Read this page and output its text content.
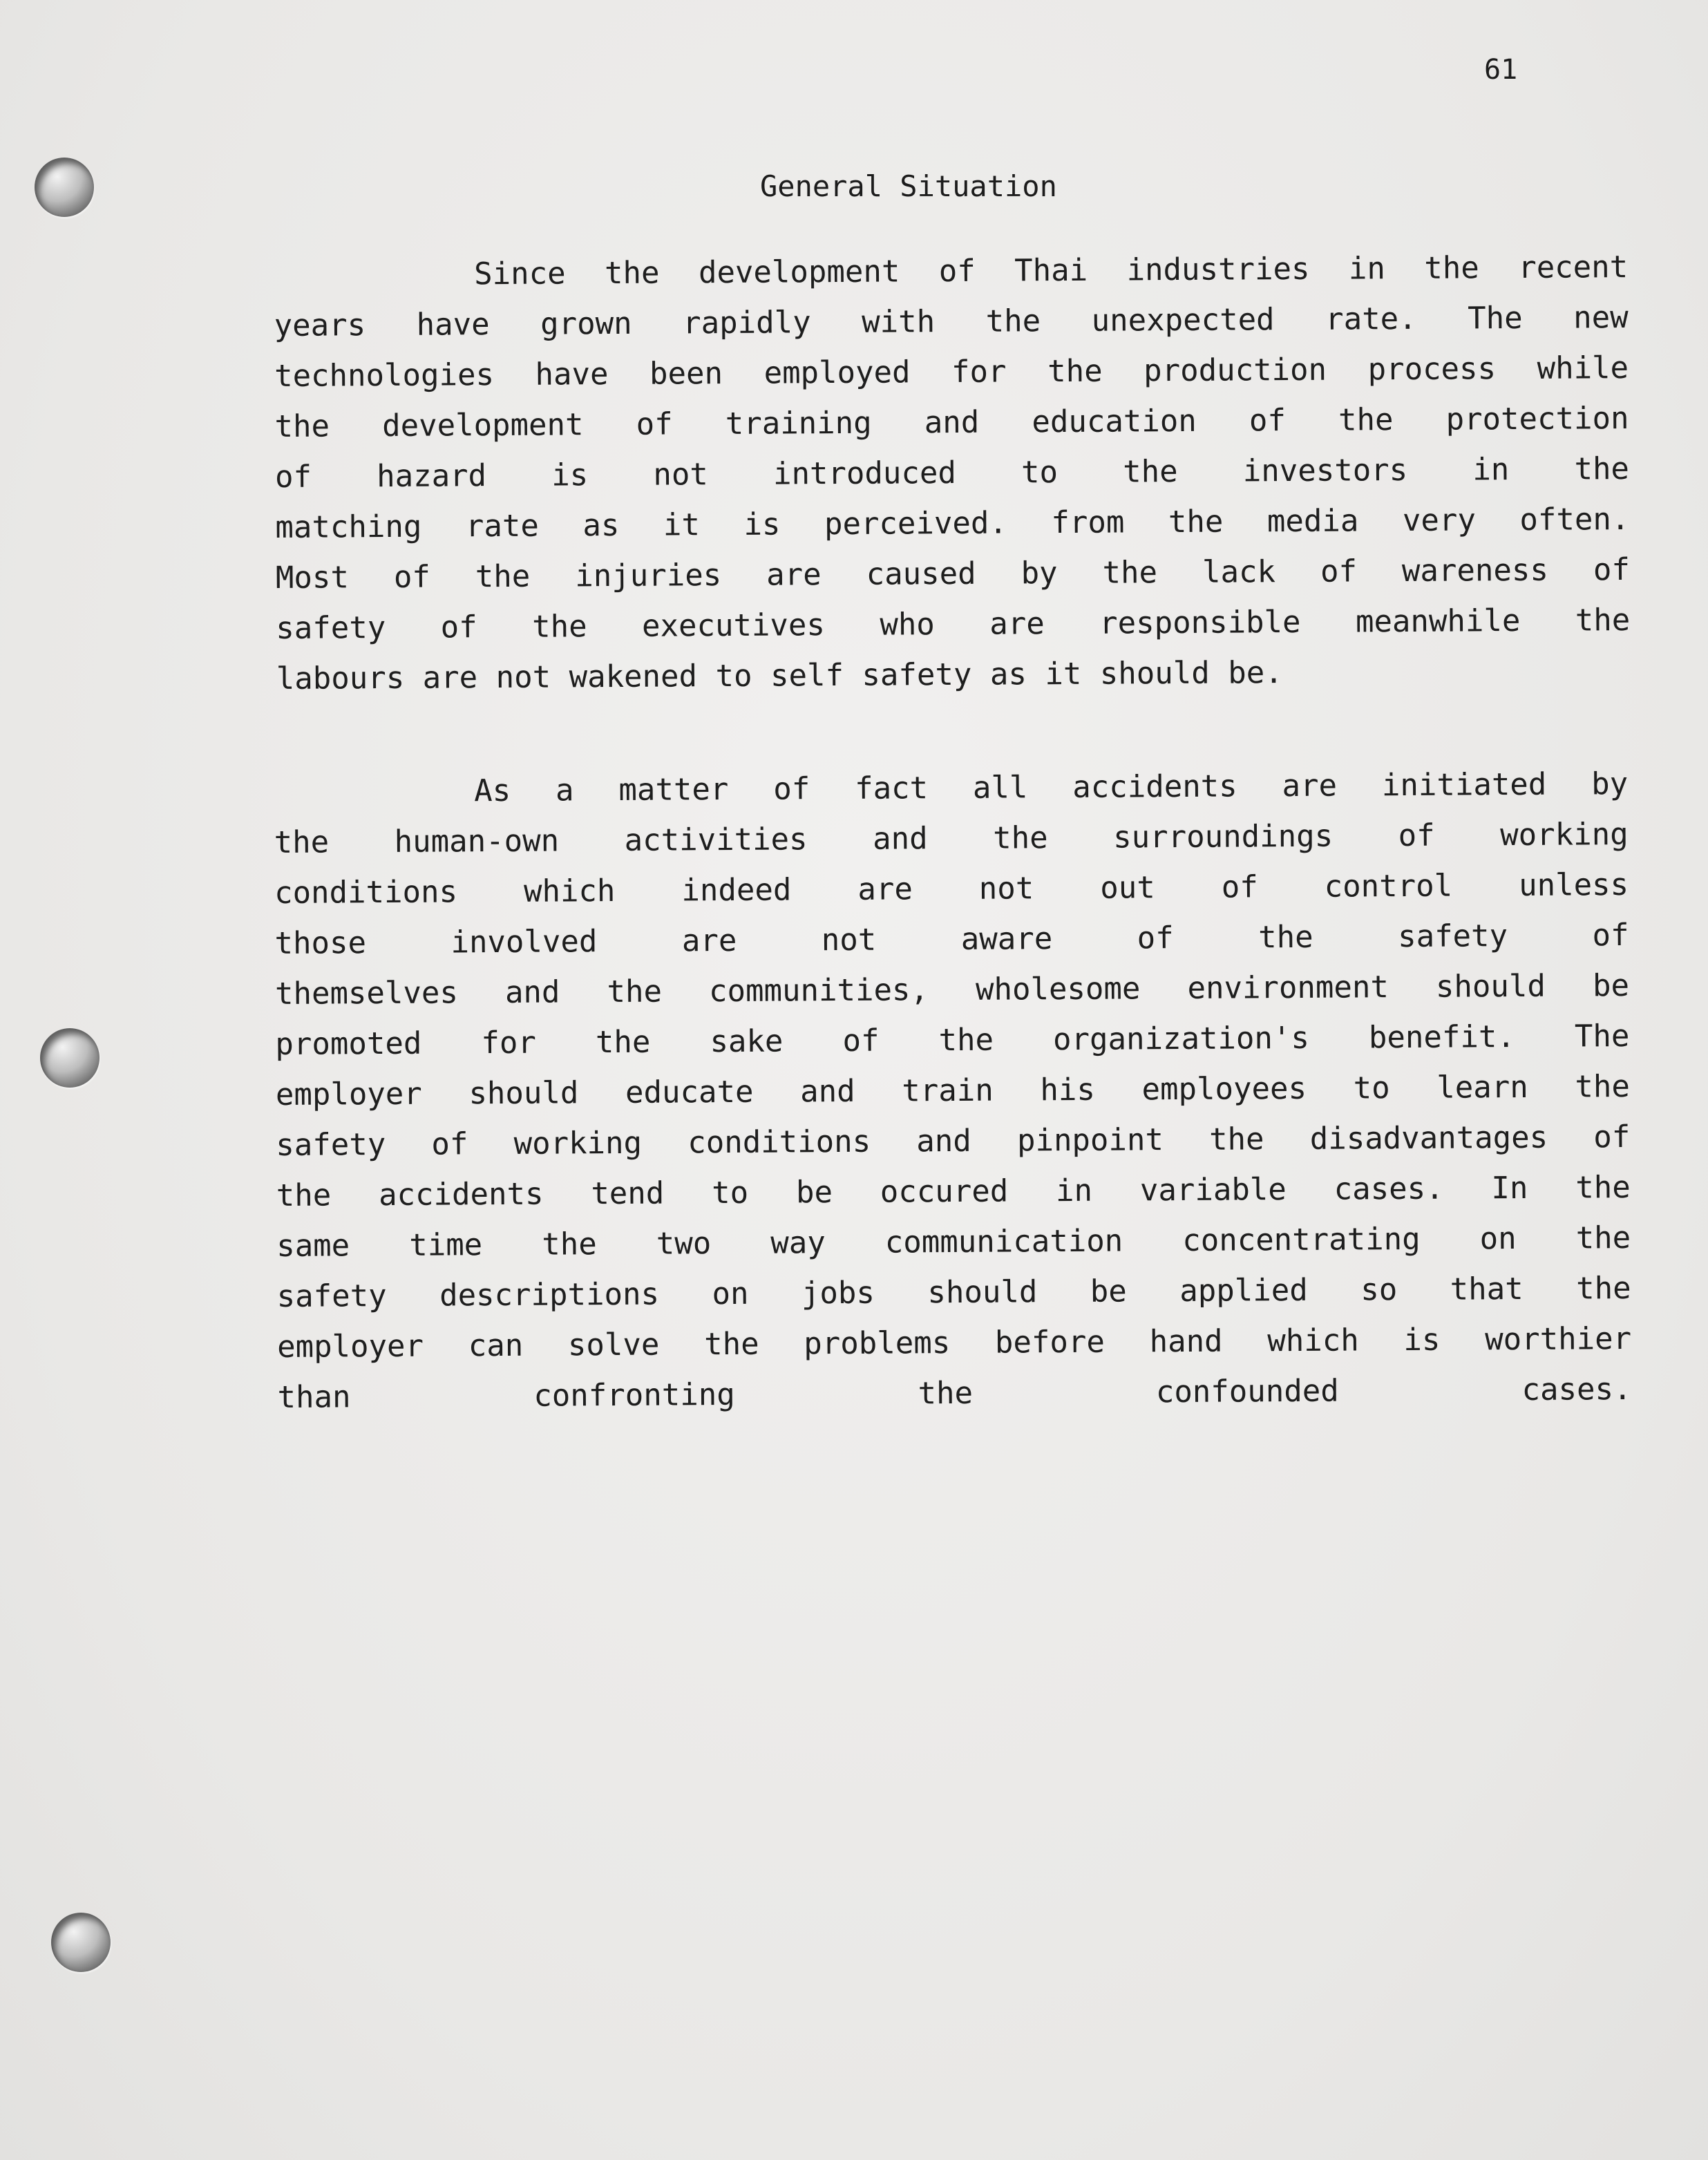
61
General Situation
Since the development of Thai industries in the recent
years have grown rapidly with the unexpected rate. The new
technologies have been employed for the production process while
the development of training and education of the protection
of hazard is not introduced to the investors in the
matching rate as it is perceived. from the media very often.
Most of the injuries are caused by the lack of wareness of
safety of the executives who are responsible meanwhile the
labours are not wakened to self safety as it should be.
As a matter of fact all accidents are initiated by
the human-own activities and the surroundings of working
conditions which indeed are not out of control unless
those involved are not aware of the safety of
themselves and the communities, wholesome environment should be
promoted for the sake of the organization's benefit. The
employer should educate and train his employees to learn the
safety of working conditions and pinpoint the disadvantages of
the accidents tend to be occured in variable cases. In the
same time the two way communication concentrating on the
safety descriptions on jobs should be applied so that the
employer can solve the problems before hand which is worthier
than confronting the confounded cases.
